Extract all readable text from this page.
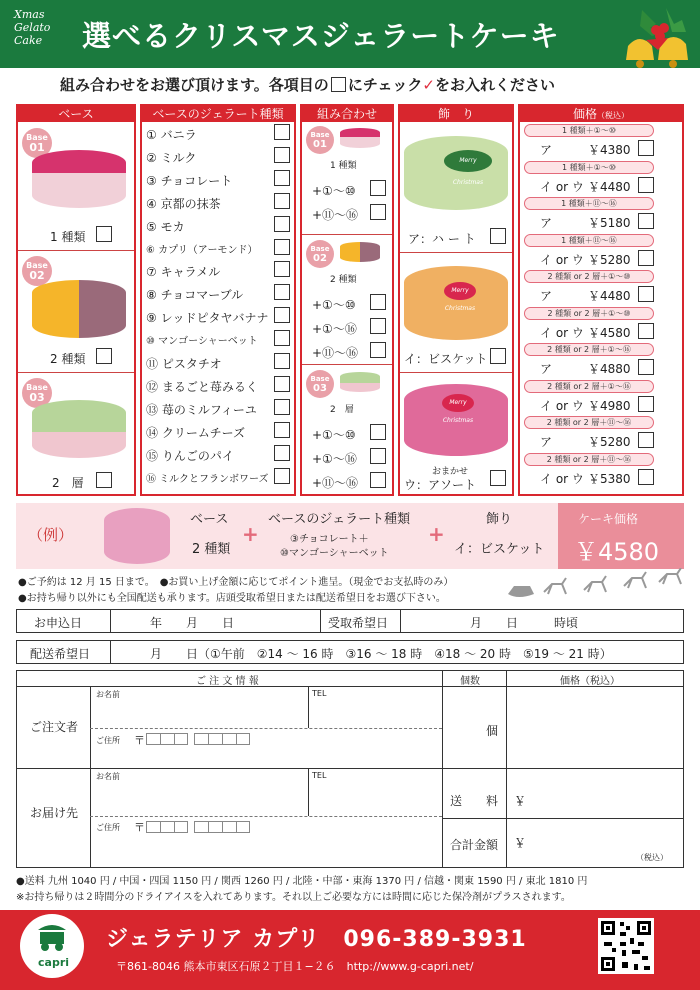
Xmas
Gelato
Cake 選べるクリスマスジェラートケーキ
組み合わせをお選び頂けます。各項目の にチェック✓をお入れください
ベース
Base
01
1 種類
Base
02
2 種類
Base
03
2　層
ベースのジェラート種類
① バニラ
② ミルク
③ チョコレート
④ 京都の抹茶
⑤ モカ
⑥ カプリ（アーモンド）
⑦ キャラメル
⑧ チョコマーブル
⑨ レッドピタヤバナナ
⑩ マンゴーシャーベット
⑪ ピスタチオ
⑫ まるごと苺みるく
⑬ 苺のミルフィーユ
⑭ クリームチーズ
⑮ りんごのパイ
⑯ ミルクとフランボワーズ
組み合わせ
Base
01
1 種類
+①〜⑩
+⑪〜⑯
Base
02
2 種類
+①〜⑩
+①〜⑯
+⑪〜⑯
Base
03
2　層
+①〜⑩
+①〜⑯
+⑪〜⑯
飾　り
Merry Christmas
ア：ハ ー ト
Merry Christmas
イ：ビスケット
Merry Christmas
おまかせ
ウ：アソート
価格（税込）
1 種類＋①〜⑩
ア	￥4380
1 種類＋①〜⑩
イ or ウ ￥4480
1 種類＋⑪〜⑯
ア	￥5180
1 種類＋⑪〜⑯
イ or ウ ￥5280
2 種類 or 2 層＋①〜⑩
ア	￥4480
2 種類 or 2 層＋①〜⑩
イ or ウ ￥4580
2 種類 or 2 層＋①〜⑯
ア	￥4880
2 種類 or 2 層＋①〜⑯
イ or ウ ￥4980
2 種類 or 2 層＋⑪〜⑯
ア	￥5280
2 種類 or 2 層＋⑪〜⑯
イ or ウ ￥5380
（例）
ベース
2 種類
+
ベースのジェラート種類
③チョコレート＋
⑩マンゴーシャーベット
+
飾り
イ：ビスケット
ケーキ価格
￥4580
●ご予約は 12 月 15 日まで。　●お買い上げ金額に応じてポイント進呈。（現金でお支払時のみ）
●お持ち帰り以外にも全国配送も承ります。店頭受取希望日または配送希望日をお選び下さい。
お申込日	年　　月　　日	受取希望日	月　　日　　　時頃
配送希望日	月　　日（①午前　②14 〜 16 時　③16 〜 18 時　④18 〜 20 時　⑤19 〜 21 時）
ご 注 文 情 報	個数	価格（税込）
ご注文者
お名前	TEL
ご住所 〒
個
お届け先
お名前	TEL
ご住所 〒
送　　料 ￥
合計金額 ￥
（税込）
●送料 九州 1040 円 / 中国・四国 1150 円 / 関西 1260 円 / 北陸・中部・東海 1370 円 / 信越・関東 1590 円 / 東北 1810 円
※お持ち帰りは２時間分のドライアイスを入れてあります。それ以上ご必要な方には時間に応じた保冷剤がプラスされます。
capri
ジェラテリア カプリ　 096-389-3931
〒861-8046 熊本市東区石原２丁目１−２６　http://www.g-capri.net/
